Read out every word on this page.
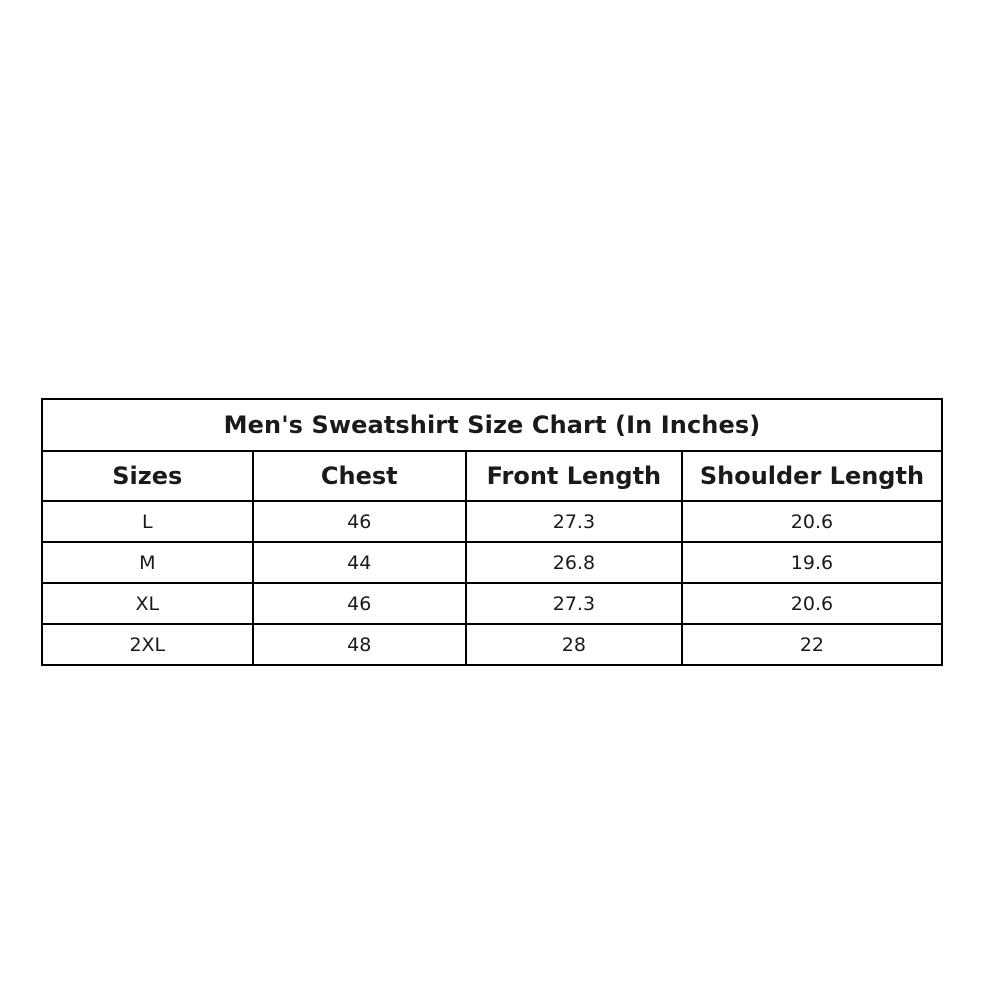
Men's Sweatshirt Size Chart (In Inches)			
Sizes	Chest	Front Length	Shoulder Length
L	46	27.3	20.6
M	44	26.8	19.6
XL	46	27.3	20.6
2XL	48	28	22
